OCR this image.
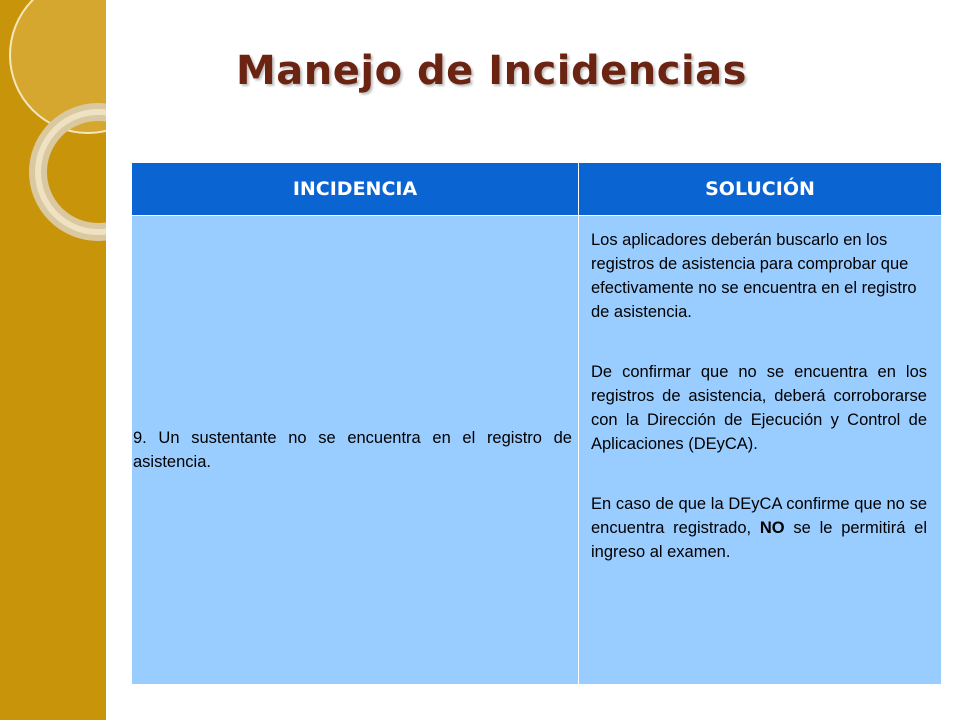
Manejo de Incidencias
INCIDENCIA	SOLUCIÓN
9. Un sustentante no se encuentra en el registro de asistencia.	Los aplicadores deberán buscarlo en los registros de asistencia para comprobar que efectivamente no se encuentra en el registro de asistencia.

De confirmar que no se encuentra en los registros de asistencia, deberá corroborarse con la Dirección de Ejecución y Control de Aplicaciones (DEyCA).

En caso de que la DEyCA confirme que no se encuentra registrado, NO se le permitirá el ingreso al examen.
